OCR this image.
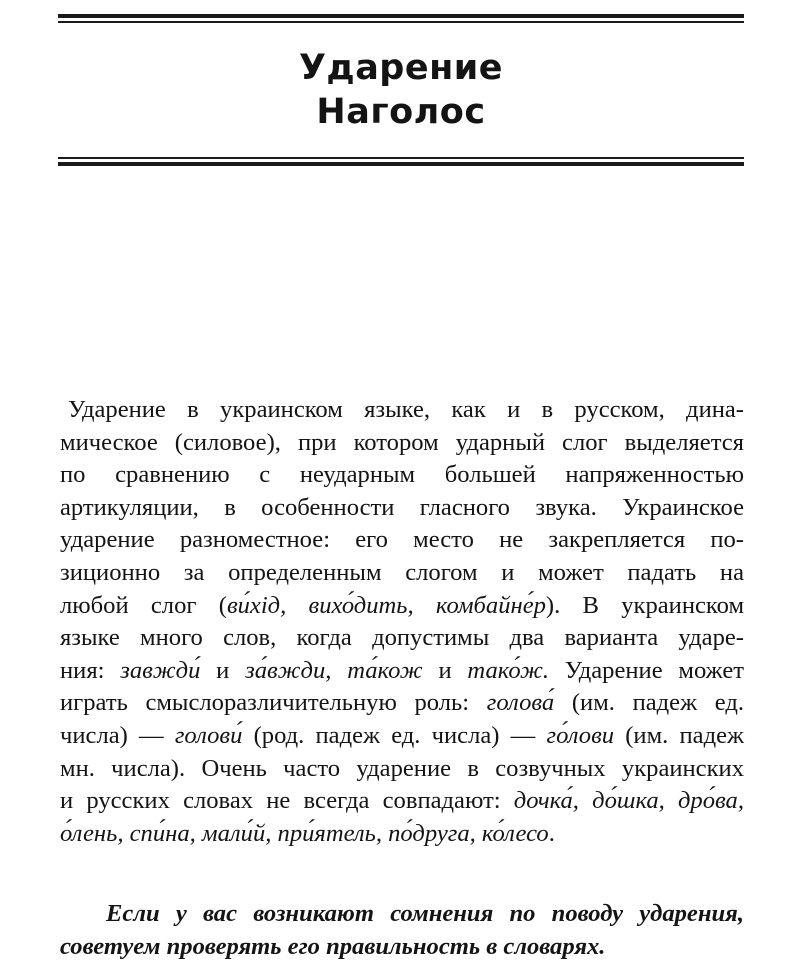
Ударение
Наголос
Ударение в украинском языке, как и в русском, дина-
мическое (силовое), при котором ударный слог выделяется
по сравнению с неударным большей напряженностью
артикуляции, в особенности гласного звука. Украинское
ударение разноместное: его место не закрепляется по-
зиционно за определенным слогом и может падать на
любой слог (ви́хід, вихо́дить, комбайне́р). В украинском
языке много слов, когда допустимы два варианта ударе-
ния: завжди́ и за́вжди, та́кож и тако́ж. Ударение может
играть смыслоразличительную роль: голова́ (им. падеж ед.
числа) — голови́ (род. падеж ед. числа) — го́лови (им. падеж
мн. числа). Очень часто ударение в созвучных украинских
и русских словах не всегда совпадают: дочка́, до́шка, дро́ва,
о́лень, спи́на, мали́й, при́ятель, по́друга, ко́лесо.
Если у вас возникают сомнения по поводу ударения,
советуем проверять его правильность в словарях.
